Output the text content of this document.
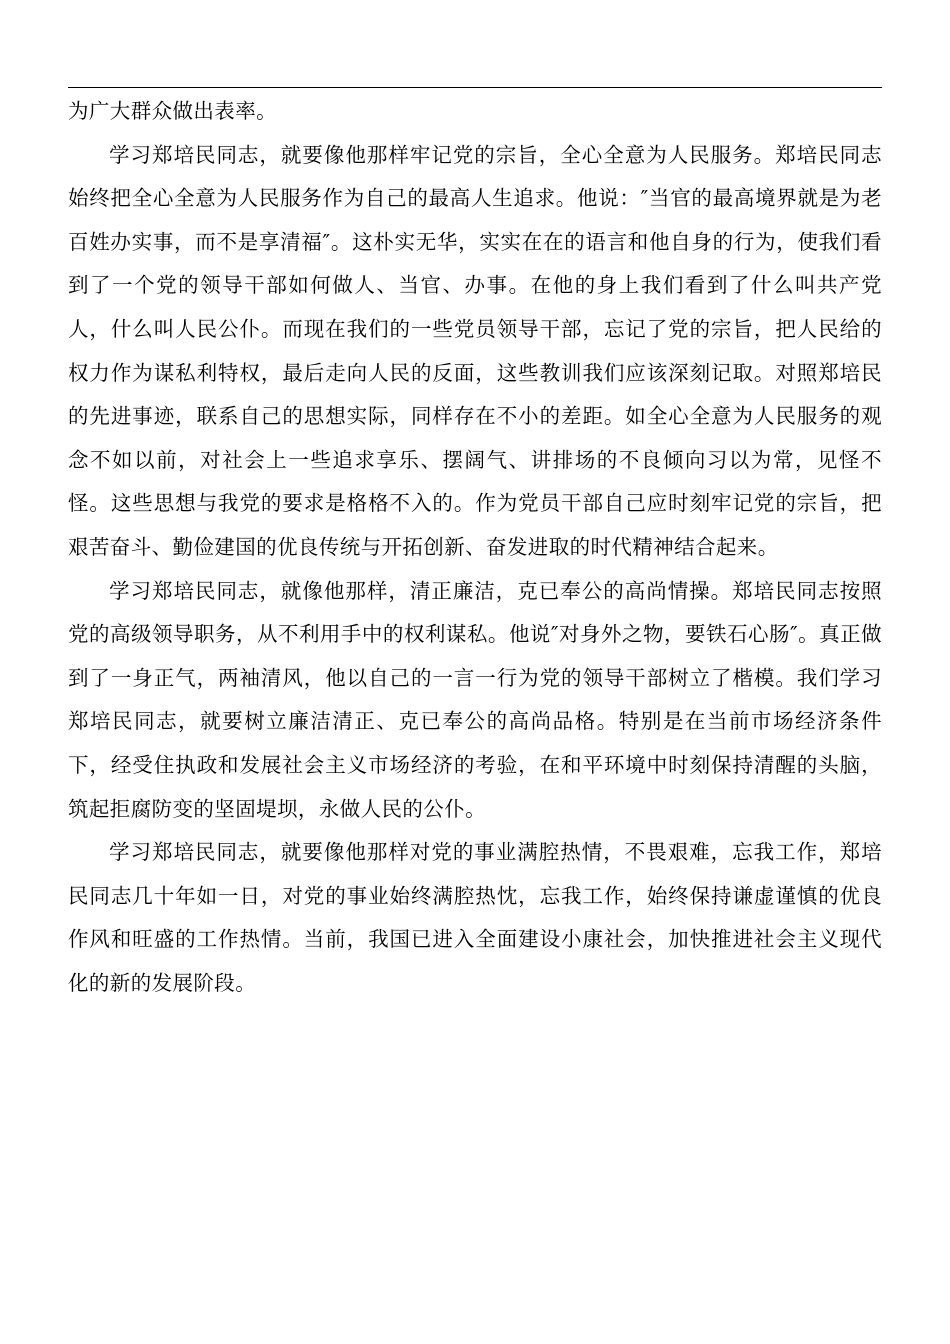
为广大群众做出表率。

学习郑培民同志，就要像他那样牢记党的宗旨，全心全意为人民服务。郑培民同志始终把全心全意为人民服务作为自己的最高人生追求。他说：″当官的最高境界就是为老百姓办实事，而不是享清福″。这朴实无华，实实在在的语言和他自身的行为，使我们看到了一个党的领导干部如何做人、当官、办事。在他的身上我们看到了什么叫共产党人，什么叫人民公仆。而现在我们的一些党员领导干部，忘记了党的宗旨，把人民给的权力作为谋私利特权，最后走向人民的反面，这些教训我们应该深刻记取。对照郑培民的先进事迹，联系自己的思想实际，同样存在不小的差距。如全心全意为人民服务的观念不如以前，对社会上一些追求享乐、摆阔气、讲排场的不良倾向习以为常，见怪不怪。这些思想与我党的要求是格格不入的。作为党员干部自己应时刻牢记党的宗旨，把艰苦奋斗、勤俭建国的优良传统与开拓创新、奋发进取的时代精神结合起来。

学习郑培民同志，就像他那样，清正廉洁，克已奉公的高尚情操。郑培民同志按照党的高级领导职务，从不利用手中的权利谋私。他说″对身外之物，要铁石心肠″。真正做到了一身正气，两袖清风，他以自己的一言一行为党的领导干部树立了楷模。我们学习郑培民同志，就要树立廉洁清正、克已奉公的高尚品格。特别是在当前市场经济条件下，经受住执政和发展社会主义市场经济的考验，在和平环境中时刻保持清醒的头脑，筑起拒腐防变的坚固堤坝，永做人民的公仆。

学习郑培民同志，就要像他那样对党的事业满腔热情，不畏艰难，忘我工作，郑培民同志几十年如一日，对党的事业始终满腔热忱，忘我工作，始终保持谦虚谨慎的优良作风和旺盛的工作热情。当前，我国已进入全面建设小康社会，加快推进社会主义现代化的新的发展阶段。
